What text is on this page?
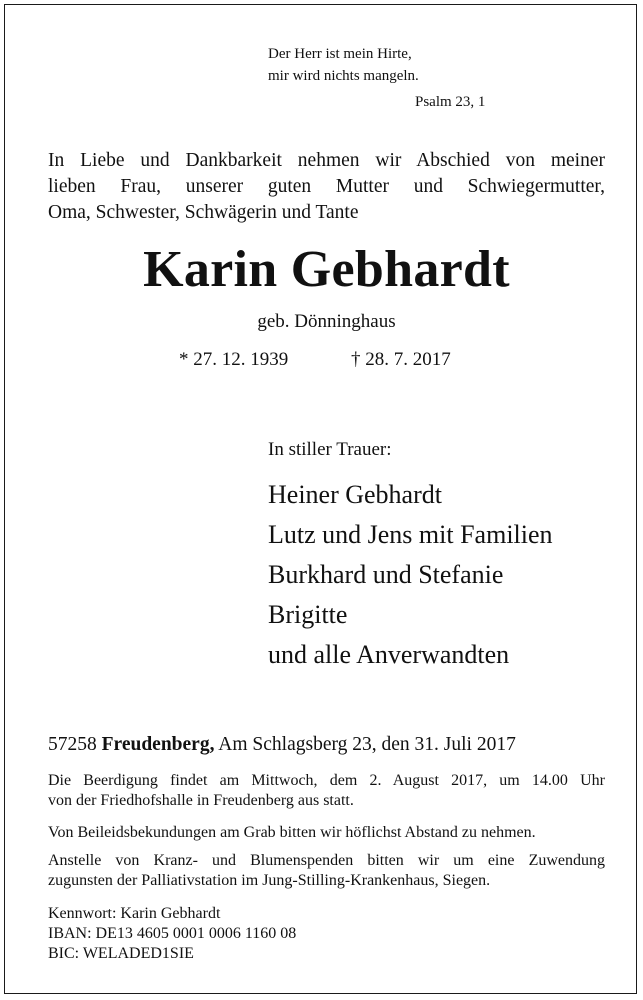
Der Herr ist mein Hirte,
mir wird nichts mangeln.
Psalm 23, 1
In Liebe und Dankbarkeit nehmen wir Abschied von meiner
lieben Frau, unserer guten Mutter und Schwiegermutter,
Oma, Schwester, Schwägerin und Tante
Karin Gebhardt
geb. Dönninghaus
* 27. 12. 1939	† 28. 7. 2017
In stiller Trauer:
Heiner Gebhardt
Lutz und Jens mit Familien
Burkhard und Stefanie
Brigitte
und alle Anverwandten
57258 Freudenberg, Am Schlagsberg 23, den 31. Juli 2017
Die Beerdigung findet am Mittwoch, dem 2. August 2017, um 14.00 Uhr
von der Friedhofshalle in Freudenberg aus statt.
Von Beileidsbekundungen am Grab bitten wir höflichst Abstand zu nehmen.
Anstelle von Kranz- und Blumenspenden bitten wir um eine Zuwendung
zugunsten der Palliativstation im Jung-Stilling-Krankenhaus, Siegen.
Kennwort: Karin Gebhardt
IBAN: DE13 4605 0001 0006 1160 08
BIC: WELADED1SIE
